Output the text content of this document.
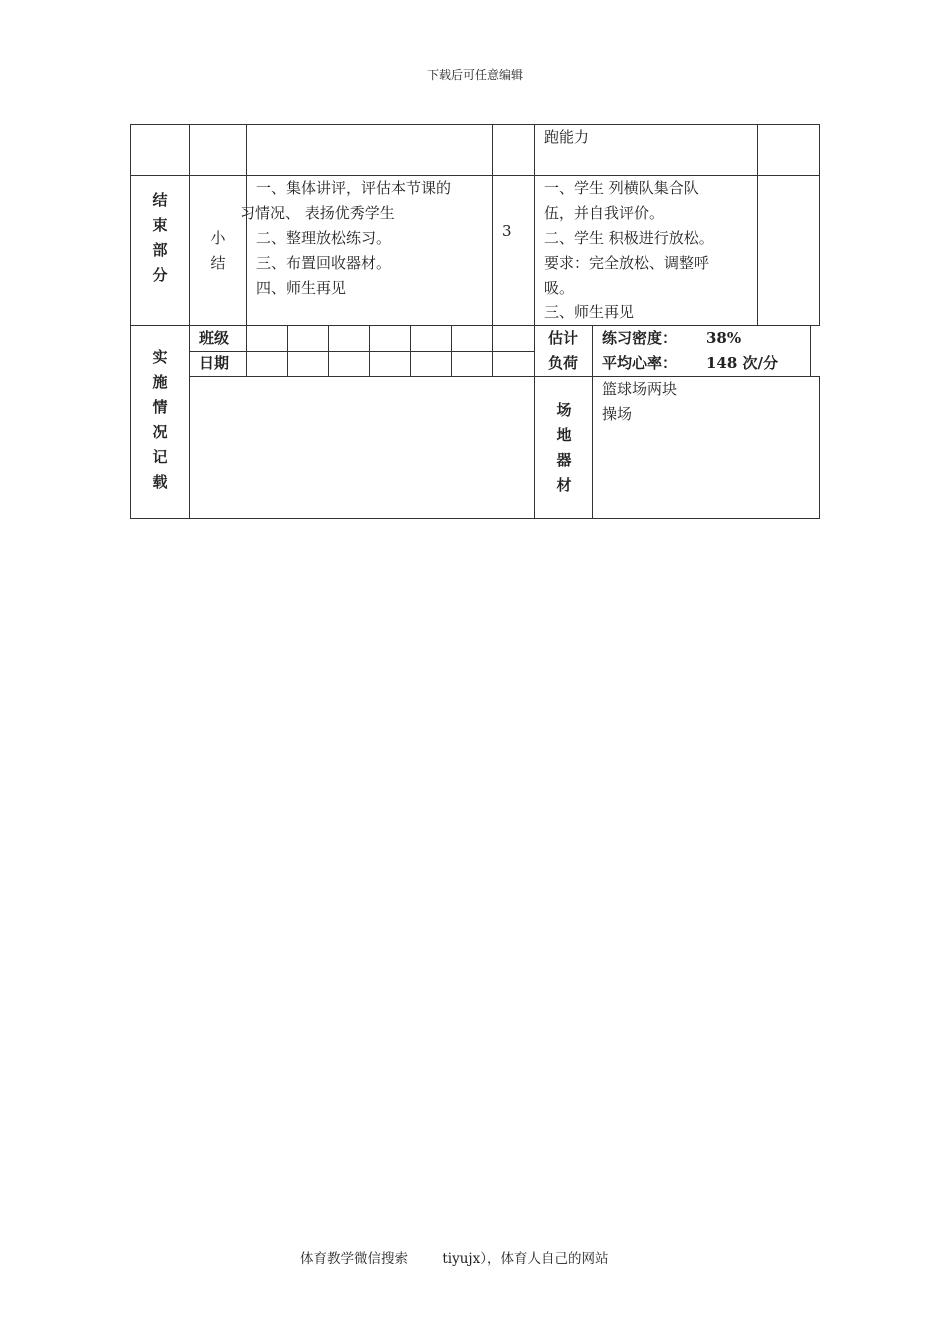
下载后可任意编辑
体育教学微信搜索        tiyujx），体育人自己的网站
跑能力
结
束
部
分
小
结
一、集体讲评，评估本节课的
习情况、 表扬优秀学生
二、整理放松练习。
三、布置回收器材。
四、师生再见
3
一、学生 列横队集合队
伍，并自我评价。
二、学生 积极进行放松。
要求：完全放松、调整呼
吸。
三、师生再见
实
施
情
况
记
载
班级
日期
估计
负荷
练习密度： 38%
平均心率： 148 次/分
场
地
器
材
篮球场两块
操场
